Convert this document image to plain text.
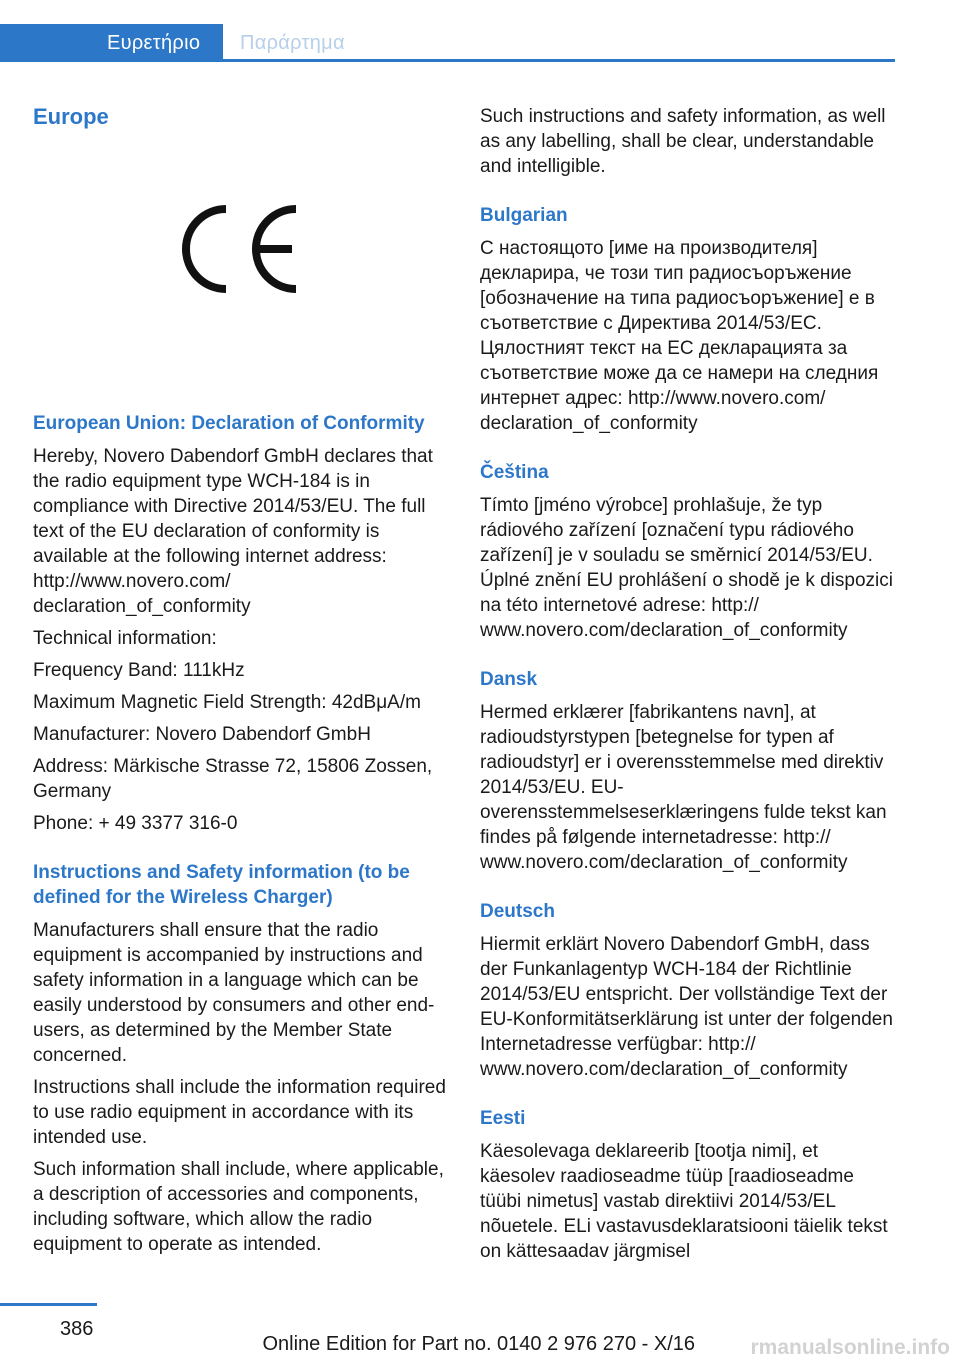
Ευρετήριο	Παράρτημα
Europe
European Union: Declaration of Conformity

Hereby, Novero Dabendorf GmbH declares that the radio equipment type WCH-184 is in compliance with Directive 2014/53/EU. The full text of the EU declaration of conformity is available at the following internet address: http://www.novero.com/
declaration_of_conformity

Technical information:

Frequency Band: 111kHz

Maximum Magnetic Field Strength: 42dBμA/m

Manufacturer: Novero Dabendorf GmbH

Address: Märkische Strasse 72, 15806 Zossen, Germany

Phone: + 49 3377 316-0

Instructions and Safety information (to be defined for the Wireless Charger)

Manufacturers shall ensure that the radio equipment is accompanied by instructions and safety information in a language which can be easily understood by consumers and other end-users, as determined by the Member State concerned.

Instructions shall include the information required to use radio equipment in accordance with its intended use.

Such information shall include, where applicable, a description of accessories and components, including software, which allow the radio equipment to operate as intended.

Such instructions and safety information, as well as any labelling, shall be clear, understandable and intelligible.

Bulgarian

С настоящото [име на производителя] декларира, че този тип радиосъоръжение [обозначение на типа радиосъоръжение] е в съответствие с Директива 2014/53/ЕС. Цялостният текст на ЕС декларацията за съответствие може да се намери на следния интернет адрес: http://www.novero.com/
declaration_of_conformity

Čeština

Tímto [jméno výrobce] prohlašuje, že typ rádiového zařízení [označení typu rádiového zařízení] je v souladu se směrnicí 2014/53/EU. Úplné znění EU prohlášení o shodě je k dispozici na této internetové adrese: http://
www.novero.com/declaration_of_conformity

Dansk

Hermed erklærer [fabrikantens navn], at radioudstyrstypen [betegnelse for typen af radioudstyr] er i overensstemmelse med direktiv 2014/53/EU. EU-
overensstemmelseserklæringens fulde tekst kan findes på følgende internetadresse: http://
www.novero.com/declaration_of_conformity

Deutsch

Hiermit erklärt Novero Dabendorf GmbH, dass der Funkanlagentyp WCH-184 der Richtlinie 2014/53/EU entspricht. Der vollständige Text der EU-Konformitätserklärung ist unter der folgenden Internetadresse verfügbar: http://
www.novero.com/declaration_of_conformity

Eesti

Käesolevaga deklareerib [tootja nimi], et käesolev raadioseadme tüüp [raadioseadme tüübi nimetus] vastab direktiivi 2014/53/EL nõuetele. ELi vastavusdeklaratsiooni täielik tekst on kättesaadav järgmisel

386
Online Edition for Part no. 0140 2 976 270 - X/16	rmanualsonline.info
